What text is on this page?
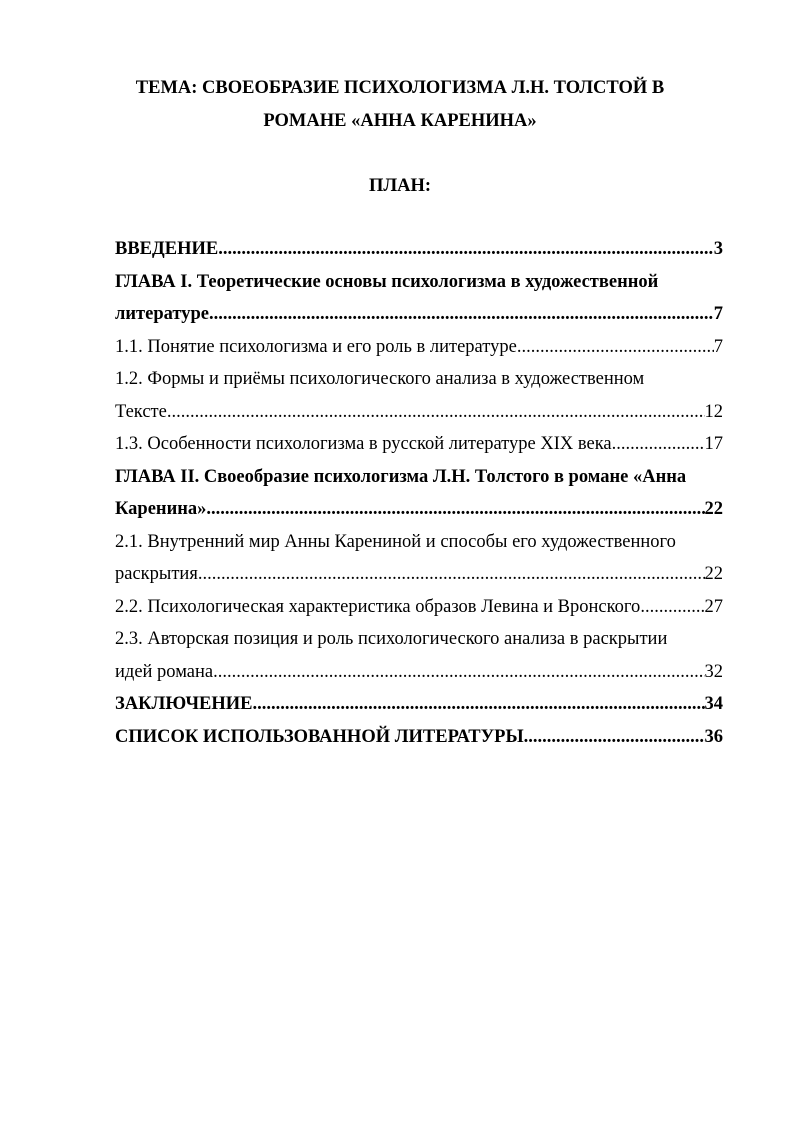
ТЕМА: СВОЕОБРАЗИЕ ПСИХОЛОГИЗМА Л.Н. ТОЛСТОЙ В
РОМАНЕ «АННА КАРЕНИНА»
ПЛАН:
ВВЕДЕНИЕ .....	3
ГЛАВА I. Теоретические основы психологизма в художественной
литературе .....	7
1.1. Понятие психологизма и его роль в литературе .....	7
1.2. Формы и приёмы психологического анализа в художественном
Тексте .....	12
1.3. Особенности психологизма в русской литературе XIX века .....	17
ГЛАВА II. Своеобразие психологизма Л.Н. Толстого в романе «Анна
Каренина» .....	22
2.1. Внутренний мир Анны Карениной и способы его художественного
раскрытия .....	22
2.2. Психологическая характеристика образов Левина и Вронского .....	27
2.3. Авторская позиция и роль психологического анализа в раскрытии
идей романа .....	32
ЗАКЛЮЧЕНИЕ .....	34
СПИСОК ИСПОЛЬЗОВАННОЙ ЛИТЕРАТУРЫ .....	36
